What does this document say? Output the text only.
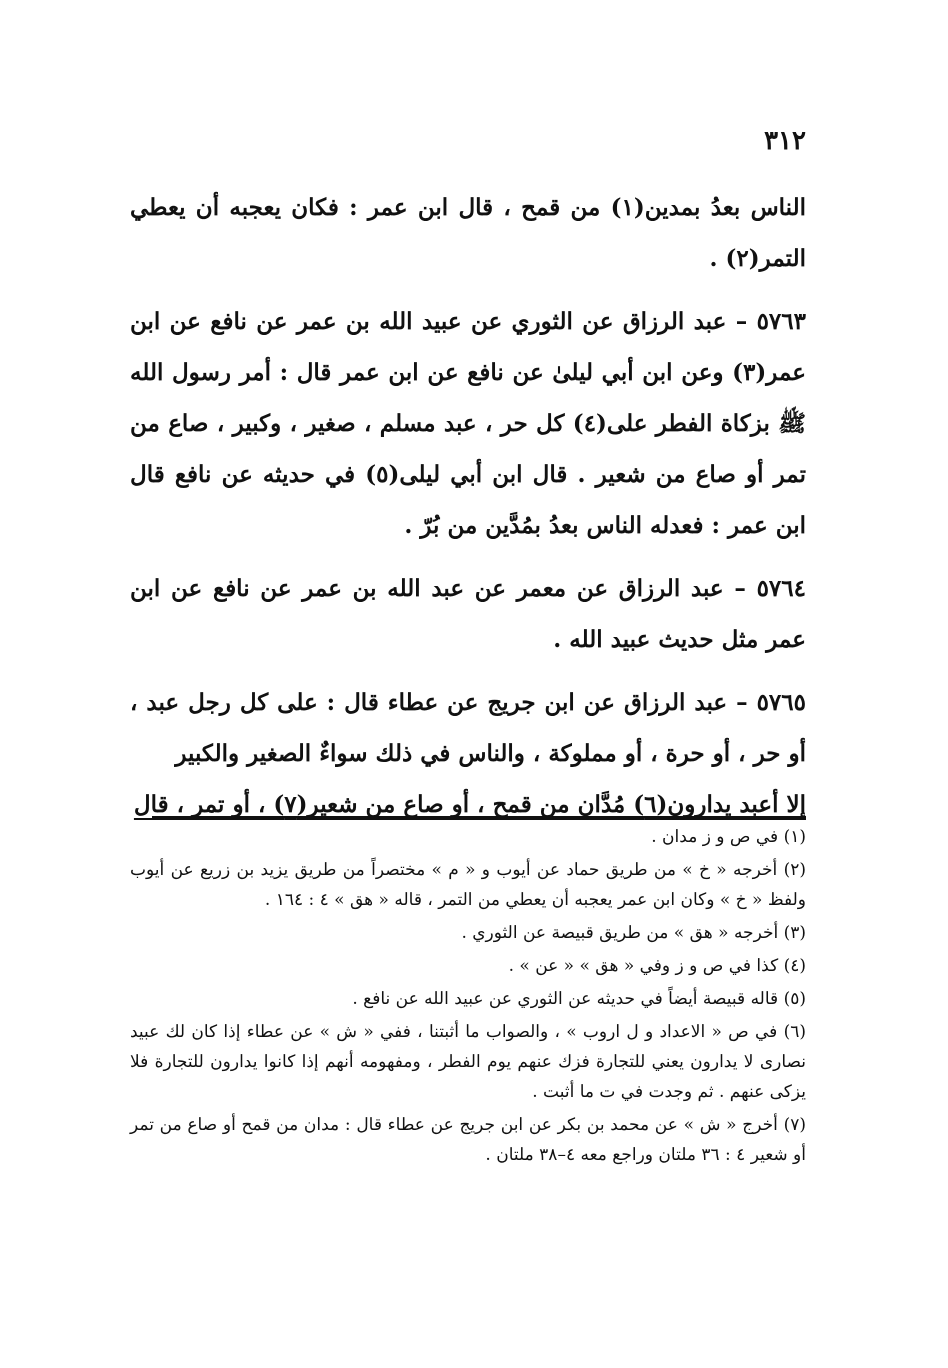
٣١٢

الناس بعدُ بمدين(١) من قمح ، قال ابن عمر : فكان يعجبه أن يعطي التمر(٢) .

٥٧٦٣ – عبد الرزاق عن الثوري عن عبيد الله بن عمر عن نافع عن ابن عمر(٣) وعن ابن أبي ليلىٰ عن نافع عن ابن عمر قال : أمر رسول الله ﷺ بزكاة الفطر على(٤) كل حر ، عبد مسلم ، صغير ، وكبير ، صاع من تمر أو صاع من شعير . قال ابن أبي ليلى(٥) في حديثه عن نافع قال ابن عمر : فعدله الناس بعدُ بمُدَّين من بُرّ .

٥٧٦٤ – عبد الرزاق عن معمر عن عبد الله بن عمر عن نافع عن ابن عمر مثل حديث عبيد الله .

٥٧٦٥ – عبد الرزاق عن ابن جريج عن عطاء قال : على كل رجل عبد ، أو حر ، أو حرة ، أو مملوكة ، والناس في ذلك سواءٌ الصغير والكبير
إلا أعبد يدارون(٦) مُدَّان من قمح ، أو صاع من شعير(٧) ، أو تمر ، قال

(١) في ص و ز مدان .

(٢) أخرجه « خ » من طريق حماد عن أيوب و « م » مختصراً من طريق يزيد بن زريع عن أيوب ولفظ « خ » وكان ابن عمر يعجبه أن يعطي من التمر ، قاله « هق » ٤ : ١٦٤ .

(٣) أخرجه « هق » من طريق قبيصة عن الثوري .

(٤) كذا في ص و ز وفي « هق » « عن » .

(٥) قاله قبيصة أيضاً في حديثه عن الثوري عن عبيد الله عن نافع .

(٦) في ص « الاعداد و ل اروب » ، والصواب ما أثبتنا ، ففي « ش » عن عطاء إذا كان لك عبيد نصارى لا يدارون يعني للتجارة فزك عنهم يوم الفطر ، ومفهومه أنهم إذا كانوا يدارون للتجارة فلا يزكى عنهم . ثم وجدت في ت ما أثبت .

(٧) أخرج « ش » عن محمد بن بكر عن ابن جريج عن عطاء قال : مدان من قمح أو صاع من تمر أو شعير ٤ : ٣٦ ملتان وراجع معه ٤–٣٨ ملتان .
